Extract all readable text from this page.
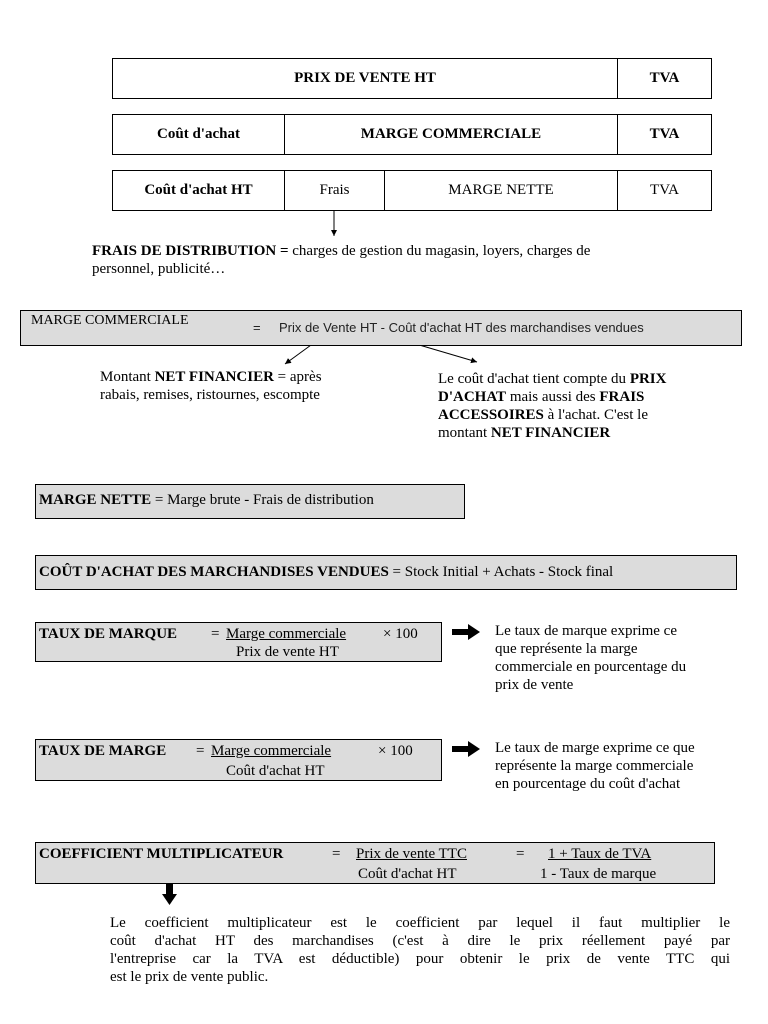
PRIX DE VENTE HT	TVA
Coût d'achat	MARGE COMMERCIALE	TVA
Coût d'achat HT	Frais	MARGE NETTE	TVA
FRAIS DE DISTRIBUTION = charges de gestion du magasin, loyers, charges de
personnel, publicité…
MARGE COMMERCIALE	= Prix de Vente HT - Coût d'achat HT des marchandises vendues
Montant NET FINANCIER = après
rabais, remises, ristournes, escompte
Le coût d'achat tient compte du PRIX
D'ACHAT mais aussi des FRAIS
ACCESSOIRES à l'achat. C'est le
montant NET FINANCIER
MARGE NETTE = Marge brute - Frais de distribution
COÛT D'ACHAT DES MARCHANDISES VENDUES = Stock Initial + Achats - Stock final
TAUX DE MARQUE = Marge commerciale × 100
Prix de vente HT
Le taux de marque exprime ce
que représente la marge
commerciale en pourcentage du
prix de vente
TAUX DE MARGE = Marge commerciale	× 100
Coût d'achat HT
Le taux de marge exprime ce que
représente la marge commerciale
en pourcentage du coût d'achat
COEFFICIENT MULTIPLICATEUR	= Prix de vente TTC
Coût d'achat HT
= 1 + Taux de TVA
1 - Taux de marque
Le coefficient multiplicateur est le coefficient par lequel il faut multiplier le
coût d'achat HT des marchandises (c'est à dire le prix réellement payé par
l'entreprise car la TVA est déductible) pour obtenir le prix de vente TTC qui
est le prix de vente public.
